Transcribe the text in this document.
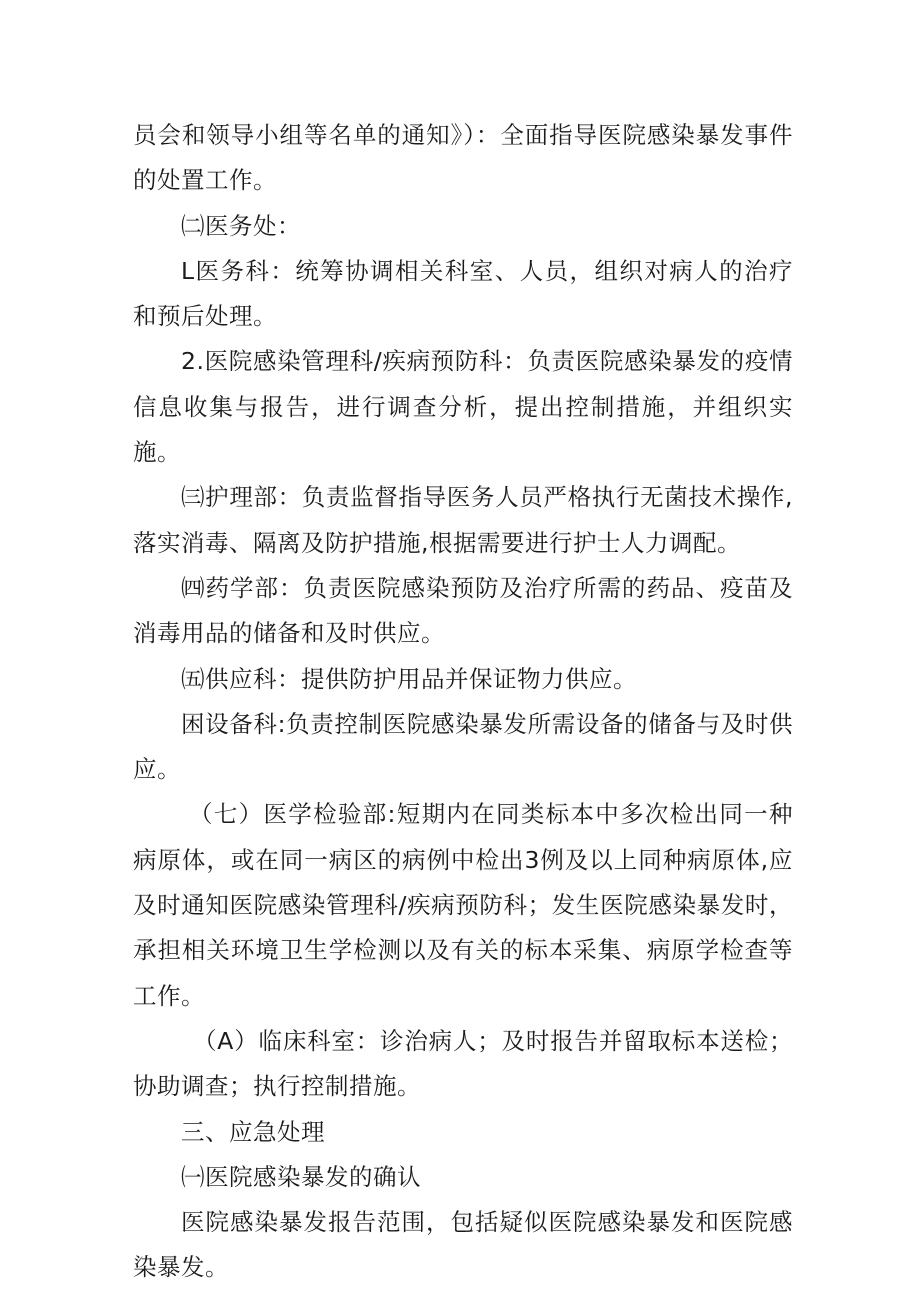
员会和领导小组等名单的通知》）：全面指导医院感染暴发事件的处置工作。

㈡医务处：

L医务科：统筹协调相关科室、人员，组织对病人的治疗和预后处理。

2.医院感染管理科/疾病预防科：负责医院感染暴发的疫情信息收集与报告，进行调查分析，提出控制措施，并组织实施。

㈢护理部：负责监督指导医务人员严格执行无菌技术操作,落实消毒、隔离及防护措施,根据需要进行护士人力调配。

㈣药学部：负责医院感染预防及治疗所需的药品、疫苗及消毒用品的储备和及时供应。

㈤供应科：提供防护用品并保证物力供应。

困设备科:负责控制医院感染暴发所需设备的储备与及时供应。

（七）医学检验部:短期内在同类标本中多次检出同一种病原体，或在同一病区的病例中检出3例及以上同种病原体,应及时通知医院感染管理科/疾病预防科；发生医院感染暴发时，承担相关环境卫生学检测以及有关的标本采集、病原学检查等工作。

（A）临床科室：诊治病人；及时报告并留取标本送检；协助调查；执行控制措施。

三、应急处理

㈠医院感染暴发的确认

医院感染暴发报告范围，包括疑似医院感染暴发和医院感染暴发。
